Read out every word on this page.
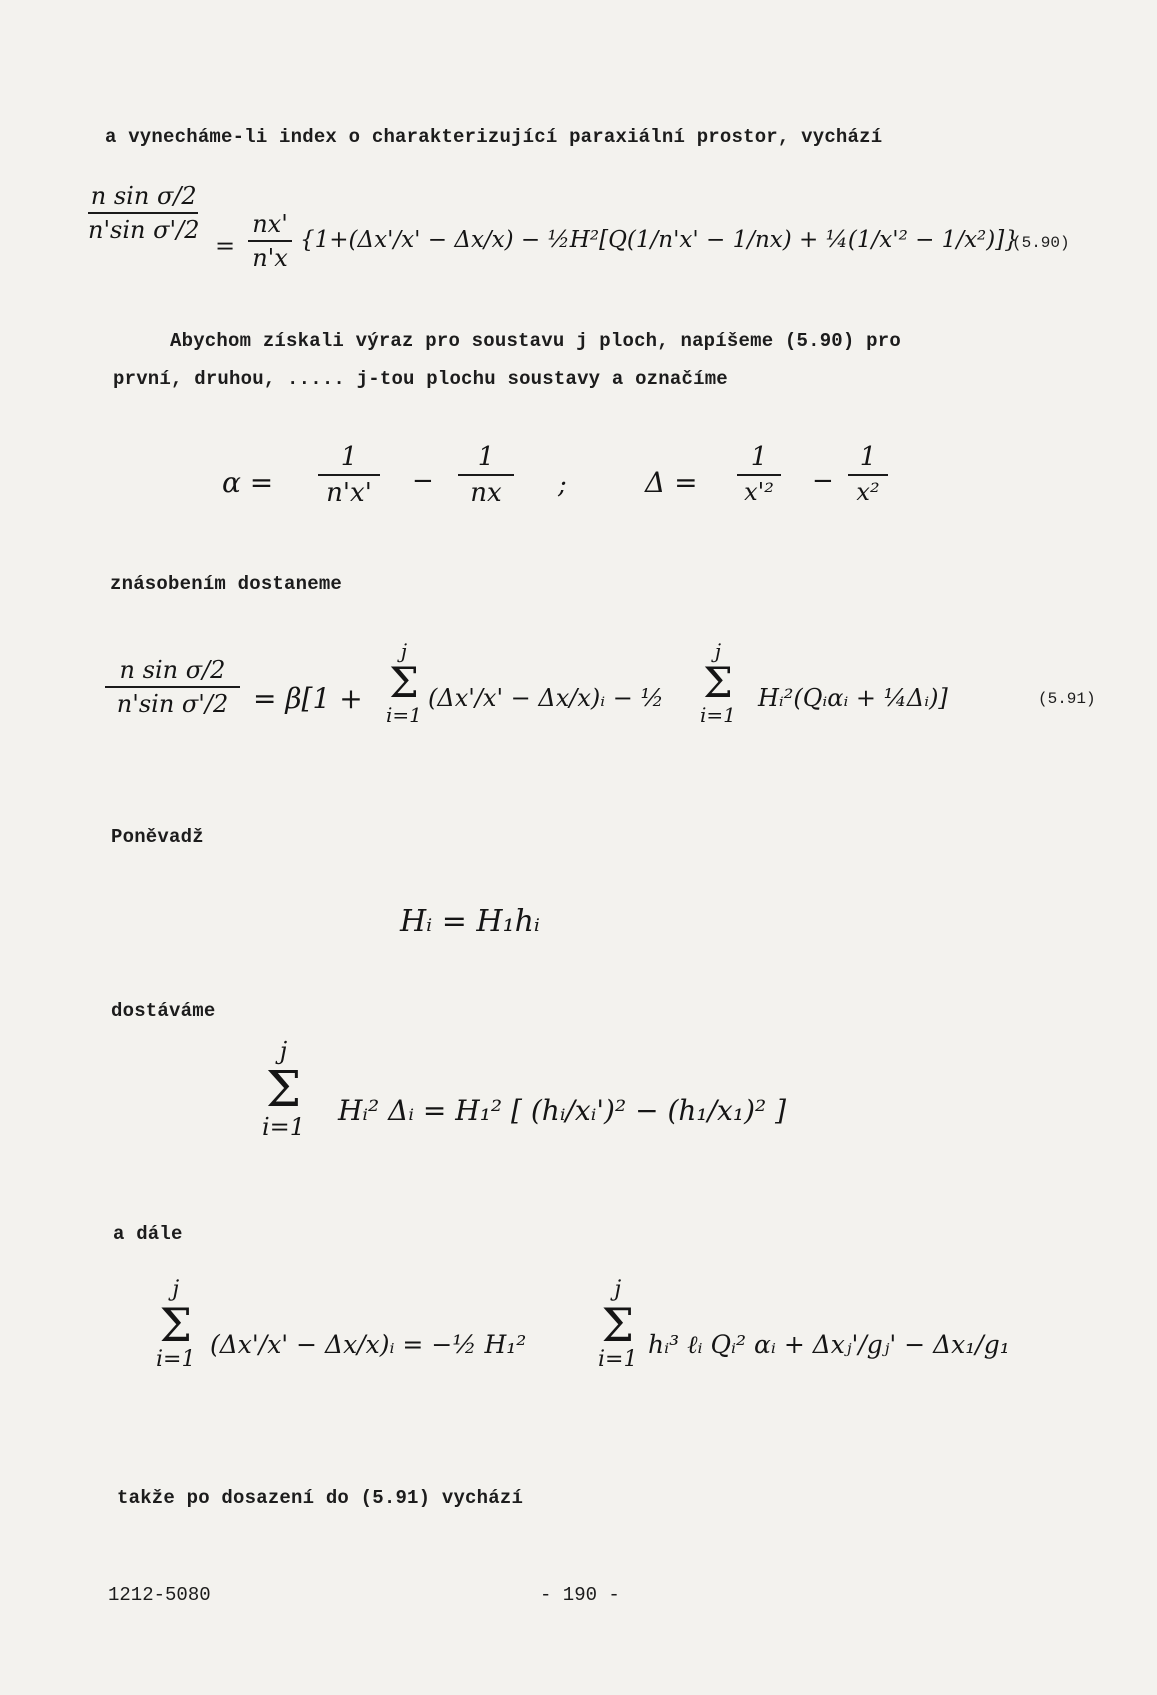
a vynecháme-li index o charakterizující paraxiální prostor, vychází
n sin σ/2
n'sin σ'/2
=
nx'
n'x
{1+(Δx'/x' − Δx/x) − ½H²[Q(1/n'x' − 1/nx) + ¼(1/x'² − 1/x²)]}
(5.90)
Abychom získali výraz pro soustavu j ploch, napíšeme (5.90) pro
první, druhou, ..... j-tou plochu soustavy a označíme
α =
1
n'x' −
1
nx ;	Δ =
1
x'² −
1
x²
znásobením dostaneme
n sin σ/2
n'sin σ'/2 = β[1 +
j
Σ
i=1
(Δx'/x' − Δx/x)ᵢ − ½
j
Σ
i=1
Hᵢ²(Qᵢαᵢ + ¼Δᵢ)]	(5.91)
Poněvadž
Hᵢ = H₁hᵢ
dostáváme
j
Σ
i=1
Hᵢ² Δᵢ = H₁² [ (hᵢ/xᵢ')² − (h₁/x₁)² ]
a dále
j
Σ
i=1
(Δx'/x' − Δx/x)ᵢ = −½ H₁²
j
Σ
i=1
hᵢ³ ℓᵢ Qᵢ² αᵢ + Δxⱼ'/gⱼ' − Δx₁/g₁
takže po dosazení do (5.91) vychází
1212-5080	- 190 -
